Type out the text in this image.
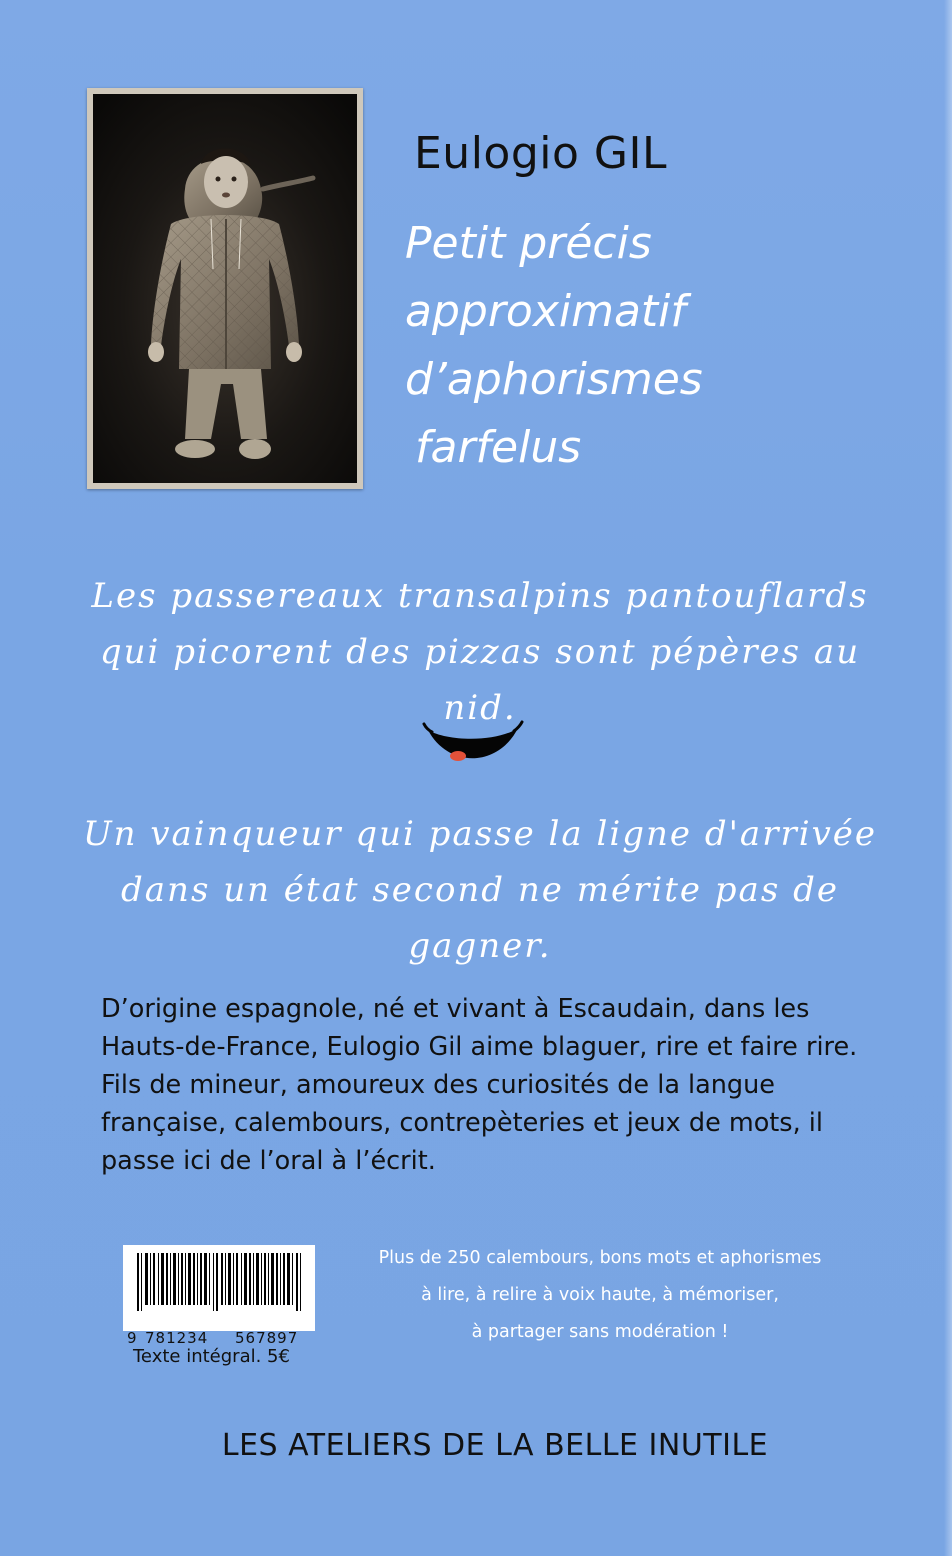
Eulogio GIL
Petit précis
approximatif
d’aphorismes
farfelus
Les passereaux transalpins pantouflards
qui picorent des pizzas sont pépères au nid.
Un vainqueur qui passe la ligne d'arrivée
dans un état second ne mérite pas de gagner.
D’origine espagnole, né et vivant à Escaudain, dans les Hauts-de-France, Eulogio Gil aime blaguer, rire et faire rire. Fils de mineur, amoureux des curiosités de la langue française, calembours, contrepèteries et jeux de mots, il passe ici de l’oral à l’écrit.
9 781234 567897
Texte intégral. 5€
Plus de 250 calembours, bons mots et aphorismes
à lire, à relire à voix haute, à mémoriser,
à partager sans modération !
LES ATELIERS DE LA BELLE INUTILE
